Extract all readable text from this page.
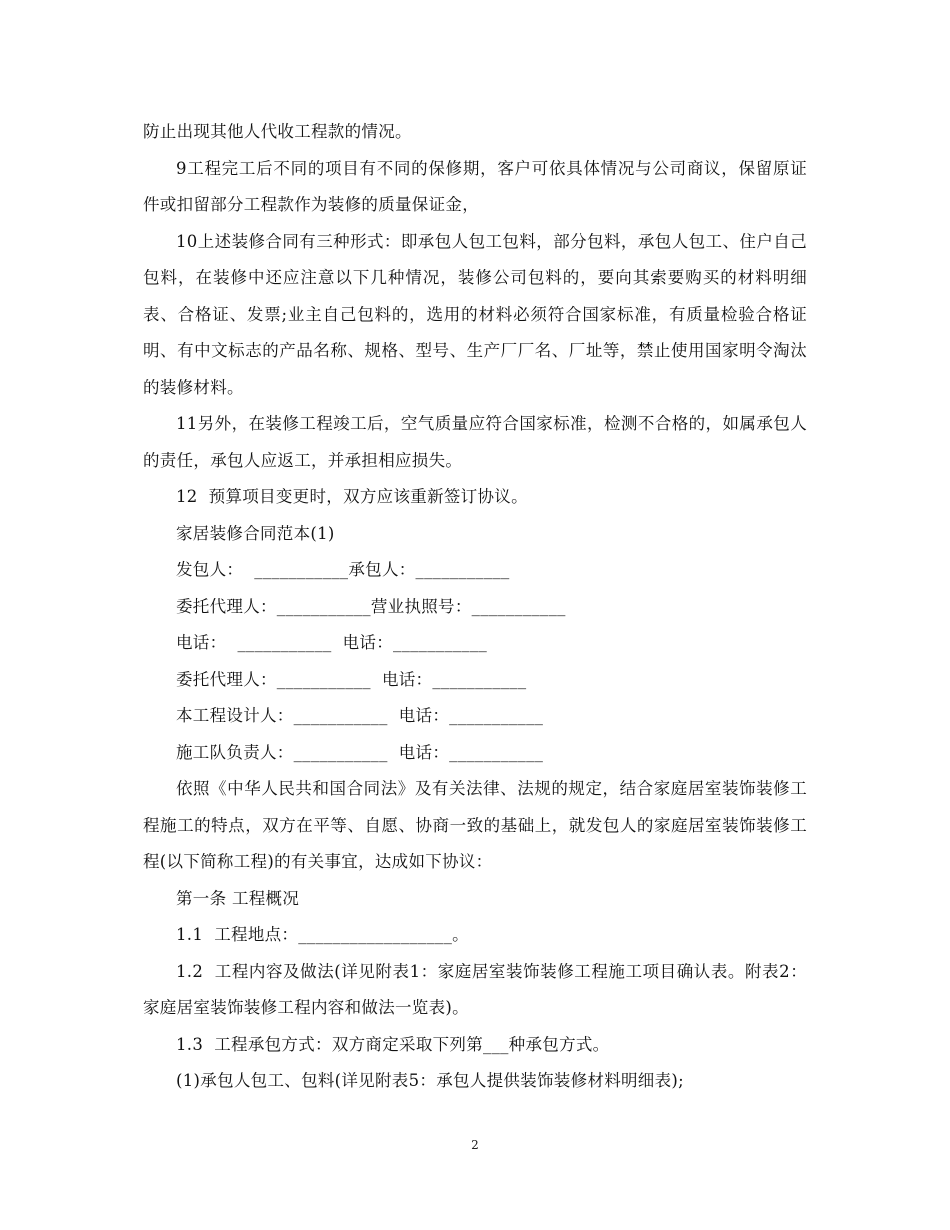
防止出现其他人代收工程款的情况。

9工程完工后不同的项目有不同的保修期，客户可依具体情况与公司商议，保留原证件或扣留部分工程款作为装修的质量保证金，

10上述装修合同有三种形式：即承包人包工包料，部分包料，承包人包工、住户自己包料，在装修中还应注意以下几种情况，装修公司包料的，要向其索要购买的材料明细表、合格证、发票;业主自己包料的，选用的材料必须符合国家标准，有质量检验合格证明、有中文标志的产品名称、规格、型号、生产厂厂名、厂址等，禁止使用国家明令淘汰的装修材料。

11另外，在装修工程竣工后，空气质量应符合国家标准，检测不合格的，如属承包人的责任，承包人应返工，并承担相应损失。

12  预算项目变更时，双方应该重新签订协议。

家居装修合同范本(1)

发包人：  ___________承包人：___________

委托代理人：___________营业执照号：___________

电话：  ___________  电话：___________

委托代理人：___________  电话：___________

本工程设计人：___________  电话：___________

施工队负责人：___________  电话：___________

依照《中华人民共和国合同法》及有关法律、法规的规定，结合家庭居室装饰装修工程施工的特点，双方在平等、自愿、协商一致的基础上，就发包人的家庭居室装饰装修工程(以下简称工程)的有关事宜，达成如下协议：

第一条 工程概况

1.1  工程地点：__________________。

1.2  工程内容及做法(详见附表1：家庭居室装饰装修工程施工项目确认表。附表2：家庭居室装饰装修工程内容和做法一览表)。

1.3  工程承包方式：双方商定采取下列第___种承包方式。

(1)承包人包工、包料(详见附表5：承包人提供装饰装修材料明细表);

2
